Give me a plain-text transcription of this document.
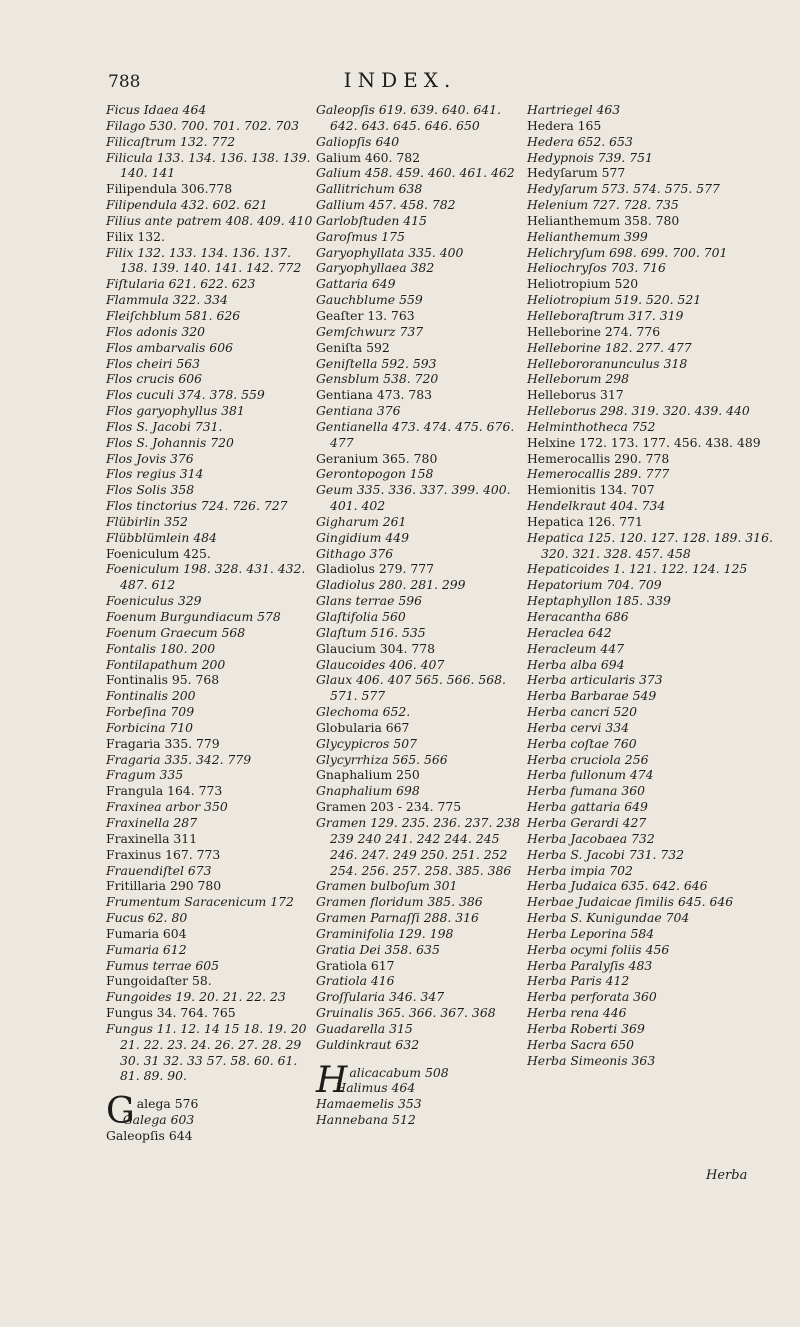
788	INDEX.
Ficus Idaea 464
Filago 530. 700. 701. 702. 703
Filicaſtrum 132. 772
Filicula 133. 134. 136. 138. 139. 140. 141
Filipendula 306.778
Filipendula 432. 602. 621
Filius ante patrem 408. 409. 410
Filix 132.
Filix 132. 133. 134. 136. 137. 138. 139. 140. 141. 142. 772
Fiſtularia 621. 622. 623
Flammula 322. 334
Fleiſchblum 581. 626
Flos adonis 320
Flos ambarvalis 606
Flos cheiri 563
Flos crucis 606
Flos cuculi 374. 378. 559
Flos garyophyllus 381
Flos S. Jacobi 731.
Flos S. Johannis 720
Flos Jovis 376
Flos regius 314
Flos Solis 358
Flos tinctorius 724. 726. 727
Flübirlin 352
Flübblümlein 484
Foeniculum 425.
Foeniculum 198. 328. 431. 432. 487. 612
Foeniculus 329
Foenum Burgundiacum 578
Foenum Graecum 568
Fontalis 180. 200
Fontilapathum 200
Fontinalis 95. 768
Fontinalis 200
Forbeſina 709
Forbicina 710
Fragaria 335. 779
Fragaria 335. 342. 779
Fragum 335
Frangula 164. 773
Fraxinea arbor 350
Fraxinella 287
Fraxinella 311
Fraxinus 167. 773
Frauendiſtel 673
Fritillaria 290 780
Frumentum Saracenicum 172
Fucus 62. 80
Fumaria 604
Fumaria 612
Fumus terrae 605
Fungoidaſter 58.
Fungoides 19. 20. 21. 22. 23
Fungus 34. 764. 765
Fungus 11. 12. 14 15 18. 19. 20 21. 22. 23. 24. 26. 27. 28. 29 30. 31 32. 33 57. 58. 60. 61. 81. 89. 90.
Galega 576
Galega 603
Galeopſis 644
Galeopſis 619. 639. 640. 641. 642. 643. 645. 646. 650
Galiopſis 640
Galium 460. 782
Galium 458. 459. 460. 461. 462
Gallitrichum 638
Gallium 457. 458. 782
Garlobſtuden 415
Garoſmus 175
Garyophyllata 335. 400
Garyophyllaea 382
Gattaria 649
Gauchblume 559
Geaſter 13. 763
Gemſchwurz 737
Geniſta 592
Geniſtella 592. 593
Gensblum 538. 720
Gentiana 473. 783
Gentiana 376
Gentianella 473. 474. 475. 676. 477
Geranium 365. 780
Gerontopogon 158
Geum 335. 336. 337. 399. 400. 401. 402
Gigharum 261
Gingidium 449
Githago 376
Gladiolus 279. 777
Gladiolus 280. 281. 299
Glans terrae 596
Glaſtifolia 560
Glaſtum 516. 535
Glaucium 304. 778
Glaucoides 406. 407
Glaux 406. 407 565. 566. 568. 571. 577
Glechoma 652.
Globularia 667
Glycypicros 507
Glycyrrhiza 565. 566
Gnaphalium 250
Gnaphalium 698
Gramen 203 - 234. 775
Gramen 129. 235. 236. 237. 238 239 240 241. 242 244. 245 246. 247. 249 250. 251. 252 254. 256. 257. 258. 385. 386
Gramen bulboſum 301
Gramen floridum 385. 386
Gramen Parnaſſi 288. 316
Graminifolia 129. 198
Gratia Dei 358. 635
Gratiola 617
Gratiola 416
Groſſularia 346. 347
Gruinalis 365. 366. 367. 368
Guadarella 315
Guldinkraut 632
Halicacabum 508
Halimus 464
Hamaemelis 353
Hannebana 512
Hartriegel 463
Hedera 165
Hedera 652. 653
Hedypnois 739. 751
Hedyſarum 577
Hedyſarum 573. 574. 575. 577
Helenium 727. 728. 735
Helianthemum 358. 780
Helianthemum 399
Helichryſum 698. 699. 700. 701
Heliochryſos 703. 716
Heliotropium 520
Heliotropium 519. 520. 521
Helleboraſtrum 317. 319
Helleborine 274. 776
Helleborine 182. 277. 477
Hellebororanunculus 318
Helleborum 298
Helleborus 317
Helleborus 298. 319. 320. 439. 440
Helminthotheca 752
Helxine 172. 173. 177. 456. 438. 489
Hemerocallis 290. 778
Hemerocallis 289. 777
Hemionitis 134. 707
Hendelkraut 404. 734
Hepatica 126. 771
Hepatica 125. 120. 127. 128. 189. 316. 320. 321. 328. 457. 458
Hepaticoides 1. 121. 122. 124. 125
Hepatorium 704. 709
Heptaphyllon 185. 339
Heracantha 686
Heraclea 642
Heracleum 447
Herba alba 694
Herba articularis 373
Herba Barbarae 549
Herba cancri 520
Herba cervi 334
Herba coſtae 760
Herba cruciola 256
Herba fullonum 474
Herba fumana 360
Herba gattaria 649
Herba Gerardi 427
Herba Jacobaea 732
Herba S. Jacobi 731. 732
Herba impia 702
Herba Judaica 635. 642. 646
Herbae Judaicae ſimilis 645. 646
Herba S. Kunigundae 704
Herba Leporina 584
Herba ocymi foliis 456
Herba Paralyſis 483
Herba Paris 412
Herba perforata 360
Herba rena 446
Herba Roberti 369
Herba Sacra 650
Herba Simeonis 363
Herba
